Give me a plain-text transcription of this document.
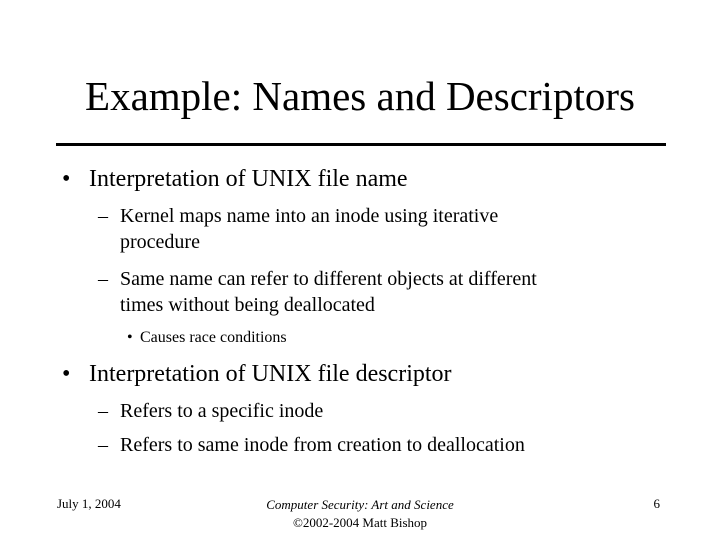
Example: Names and Descriptors
• Interpretation of UNIX file name
– Kernel maps name into an inode using iterative
procedure
– Same name can refer to different objects at different
times without being deallocated
• Causes race conditions
• Interpretation of UNIX file descriptor
– Refers to a specific inode
– Refers to same inode from creation to deallocation
July 1, 2004	Computer Security: Art and Science
©2002-2004 Matt Bishop
6
